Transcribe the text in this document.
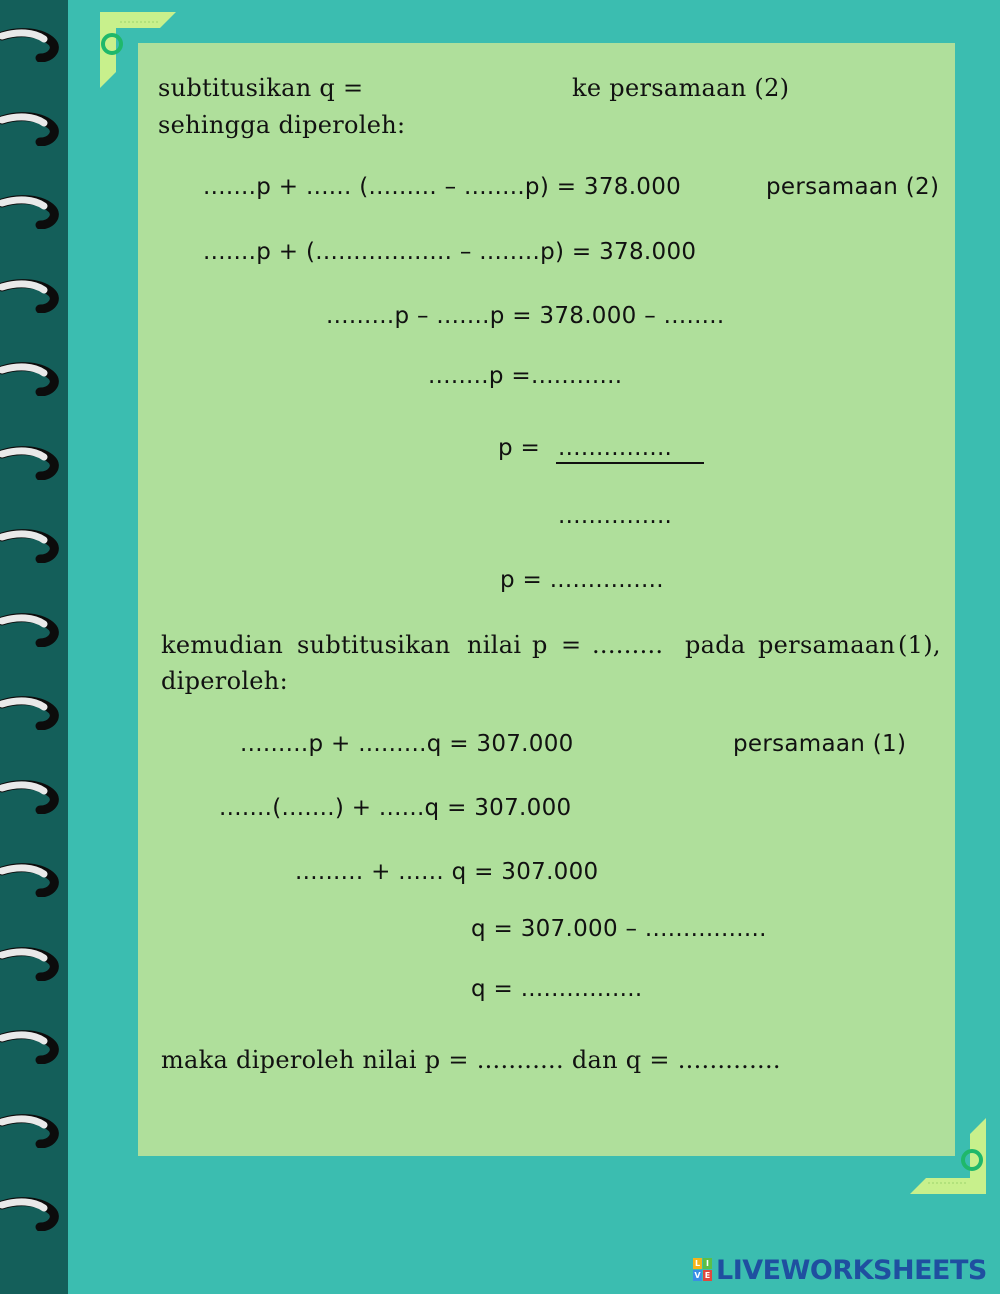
subtitusikan q =	ke persamaan (2)
sehingga diperoleh:
.......p + ...... (......... – ........p) = 378.000	persamaan (2)
.......p + (.................. – ........p) = 378.000
.........p – .......p = 378.000 – ........
........p =............
p = ...............
...............
p = ...............
kemudian subtitusikan nilai p = ......... pada persamaan (1),
diperoleh:
.........p + .........q = 307.000	persamaan (1)
.......(.......) + ......q = 307.000
......... + ...... q = 307.000
q = 307.000 – ................
q = ................
maka diperoleh nilai p = ........... dan q = .............
L I
V E LIVEWORKSHEETS
